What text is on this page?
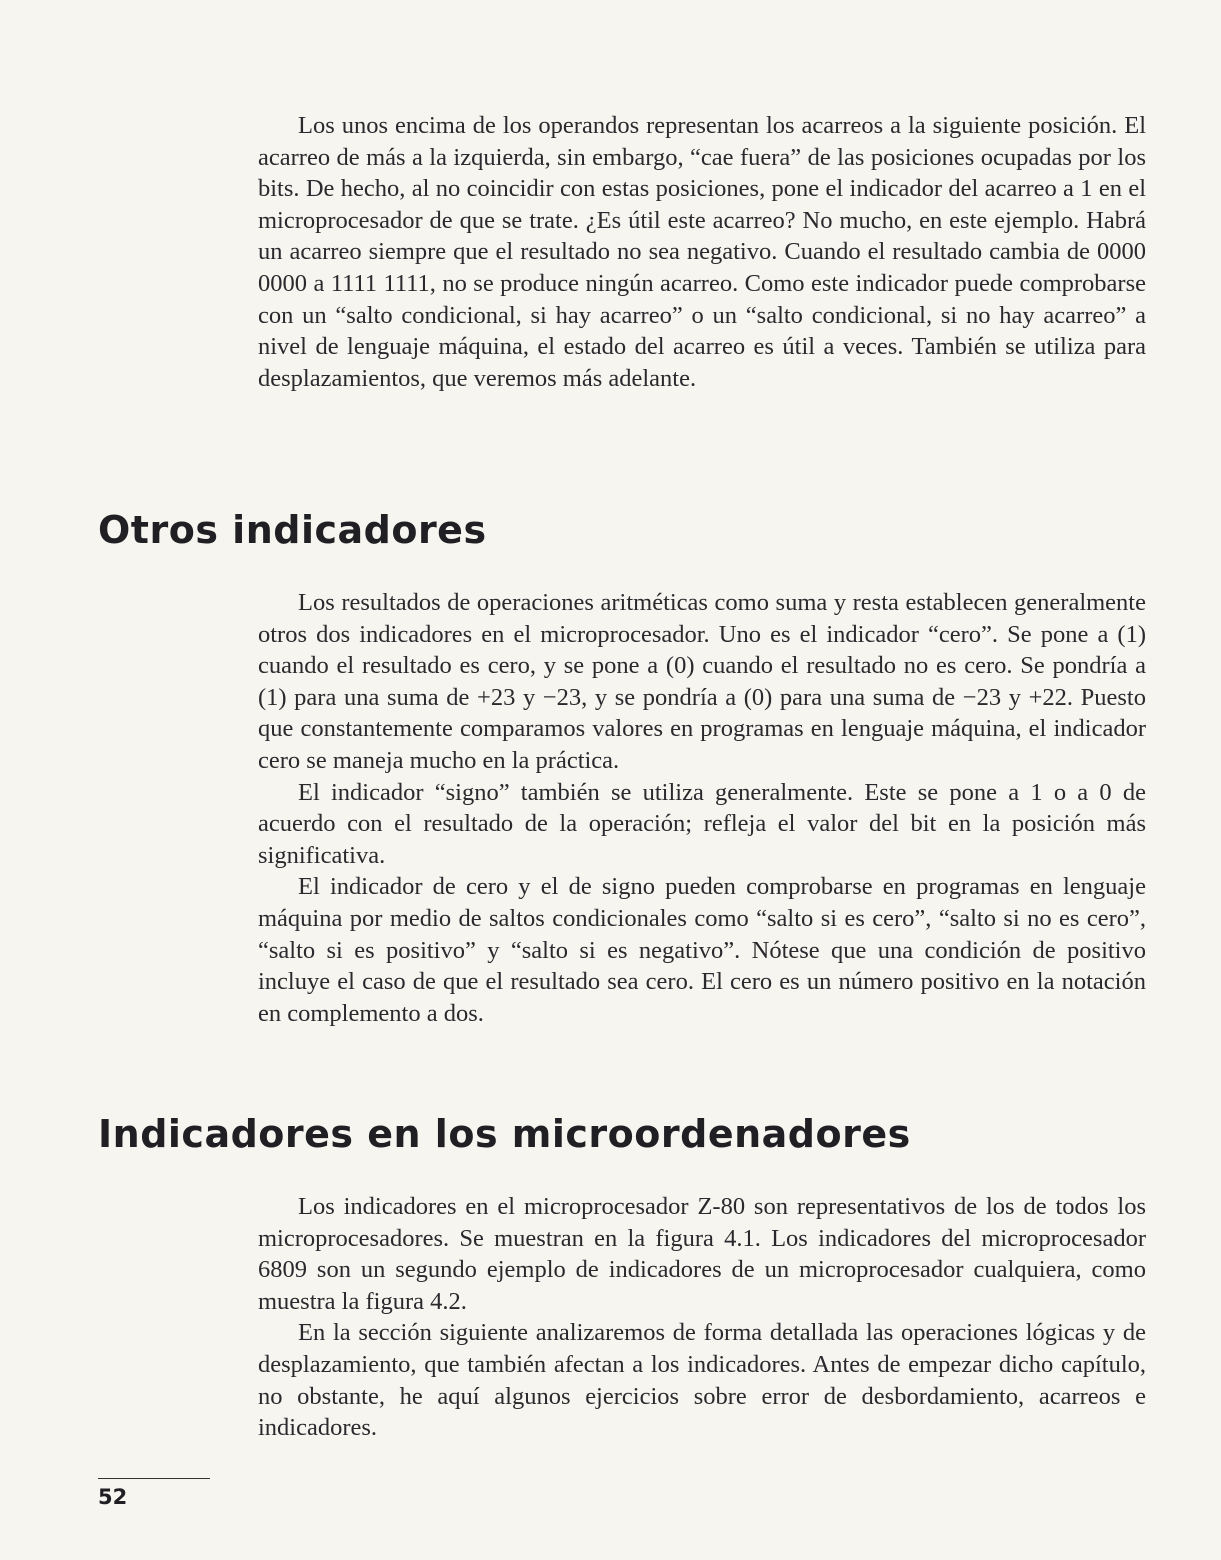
Los unos encima de los operandos representan los acarreos a la siguiente posición. El acarreo de más a la izquierda, sin embargo, “cae fuera” de las posiciones ocupadas por los bits. De hecho, al no coincidir con estas posiciones, pone el indicador del acarreo a 1 en el microprocesador de que se trate. ¿Es útil este acarreo? No mucho, en este ejemplo. Habrá un acarreo siempre que el resultado no sea negativo. Cuando el resultado cambia de 0000 0000 a 1111 1111, no se produce ningún acarreo. Como este indicador puede comprobarse con un “salto condicional, si hay acarreo” o un “salto condicional, si no hay acarreo” a nivel de lenguaje máquina, el estado del acarreo es útil a veces. También se utiliza para desplazamientos, que veremos más adelante.

Otros indicadores

Los resultados de operaciones aritméticas como suma y resta establecen generalmente otros dos indicadores en el microprocesador. Uno es el indicador “cero”. Se pone a (1) cuando el resultado es cero, y se pone a (0) cuando el resultado no es cero. Se pondría a (1) para una suma de +23 y −23, y se pondría a (0) para una suma de −23 y +22. Puesto que constantemente comparamos valores en programas en lenguaje máquina, el indicador cero se maneja mucho en la práctica.

El indicador “signo” también se utiliza generalmente. Este se pone a 1 o a 0 de acuerdo con el resultado de la operación; refleja el valor del bit en la posición más significativa.

El indicador de cero y el de signo pueden comprobarse en programas en lenguaje máquina por medio de saltos condicionales como “salto si es cero”, “salto si no es cero”, “salto si es positivo” y “salto si es negativo”. Nótese que una condición de positivo incluye el caso de que el resultado sea cero. El cero es un número positivo en la notación en complemento a dos.

Indicadores en los microordenadores

Los indicadores en el microprocesador Z-80 son representativos de los de todos los microprocesadores. Se muestran en la figura 4.1. Los indicadores del microprocesador 6809 son un segundo ejemplo de indicadores de un microprocesador cualquiera, como muestra la figura 4.2.

En la sección siguiente analizaremos de forma detallada las operaciones lógicas y de desplazamiento, que también afectan a los indicadores. Antes de empezar dicho capítulo, no obstante, he aquí algunos ejercicios sobre error de desbordamiento, acarreos e indicadores.

52
